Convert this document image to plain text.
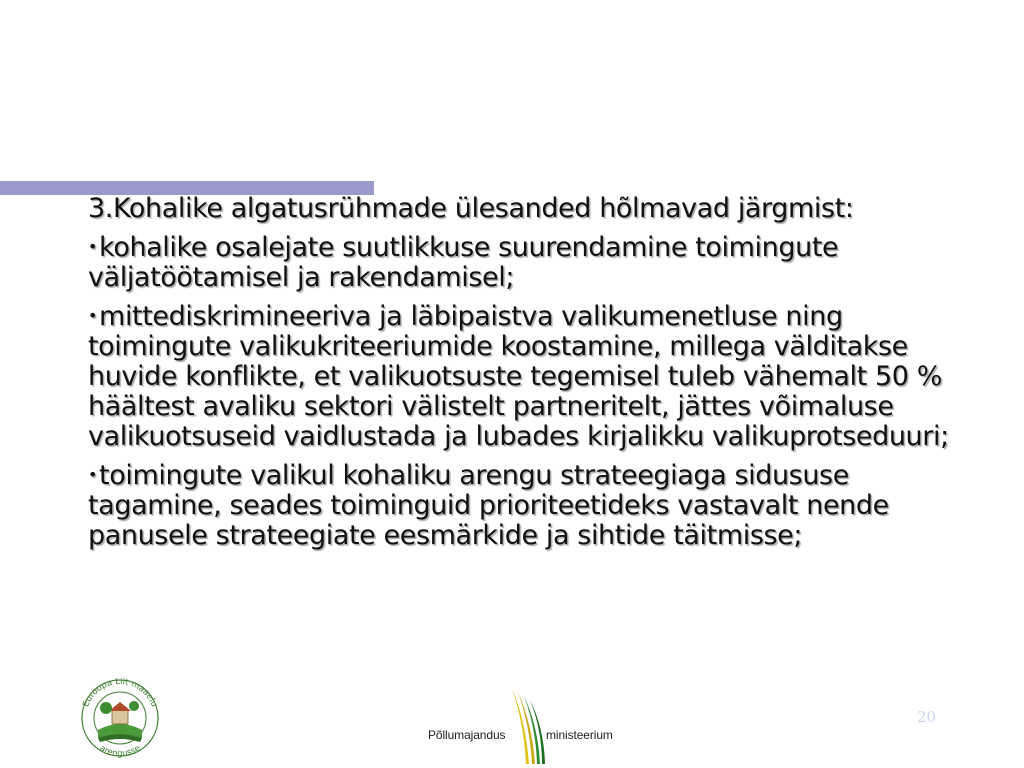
3.Kohalike algatusrühmade ülesanded hõlmavad järgmist:

•kohalike osalejate suutlikkuse suurendamine toimingute väljatöötamisel ja rakendamisel;

•mittediskrimineeriva ja läbipaistva valikumenetluse ning toimingute valikukriteeriumide koostamine, millega välditakse huvide konflikte, et valikuotsuste tegemisel tuleb vähemalt 50 % häältest avaliku sektori välistelt partneritelt, jättes võimaluse valikuotsuseid vaidlustada ja lubades kirjalikku valikuprotseduuri;

•toimingute valikul kohaliku arengu strateegiaga sidususe tagamine, seades toiminguid prioriteetideks vastavalt nende panusele strateegiate eesmärkide ja sihtide täitmisse;

Euroopa Liit maaelu
arengusse
Põllumajandus	ministeerium
20
